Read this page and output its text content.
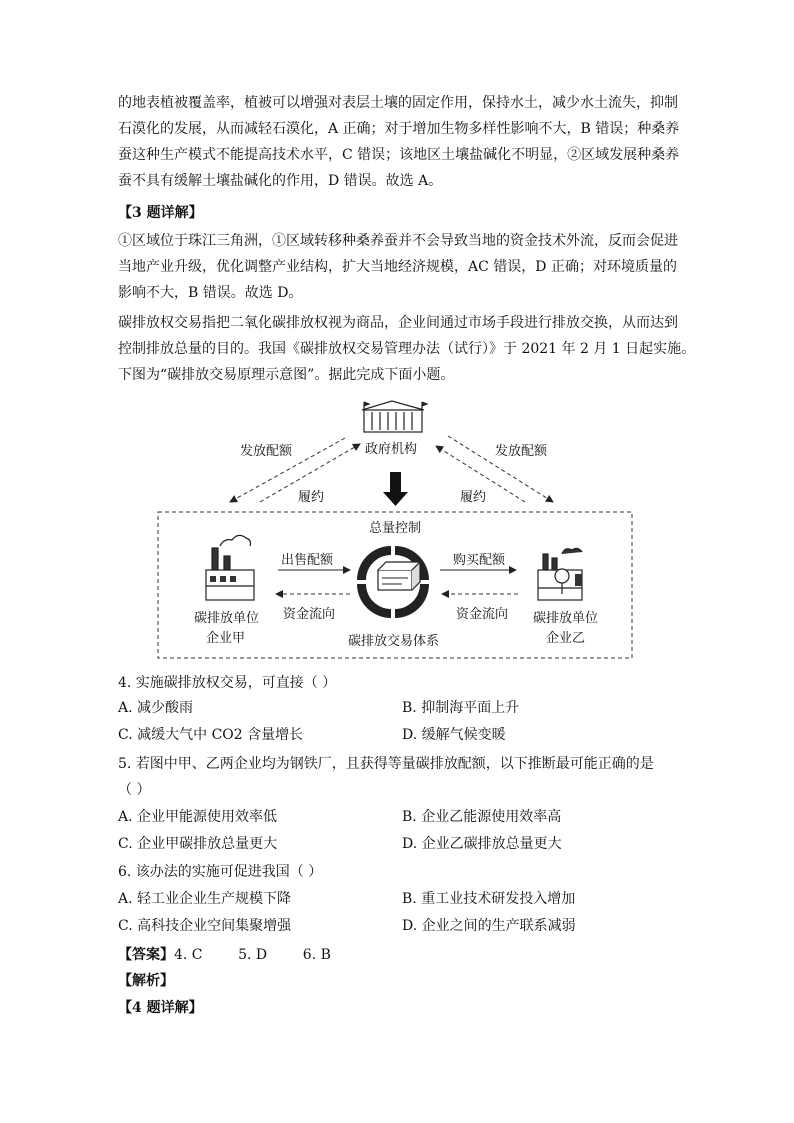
的地表植被覆盖率，植被可以增强对表层土壤的固定作用，保持水土，减少水土流失，抑制
石漠化的发展，从而减轻石漠化，A 正确；对于增加生物多样性影响不大，B 错误；种桑养
蚕这种生产模式不能提高技术水平，C 错误；该地区土壤盐碱化不明显，②区域发展种桑养
蚕不具有缓解土壤盐碱化的作用，D 错误。故选 A。
【3 题详解】
①区域位于珠江三角洲，①区域转移种桑养蚕并不会导致当地的资金技术外流，反而会促进
当地产业升级，优化调整产业结构，扩大当地经济规模，AC 错误，D 正确；对环境质量的
影响不大，B 错误。故选 D。
碳排放权交易指把二氧化碳排放权视为商品，企业间通过市场手段进行排放交换，从而达到
控制排放总量的目的。我国《碳排放权交易管理办法（试行）》于 2021 年 2 月 1 日起实施。
下图为“碳排放交易原理示意图”。据此完成下面小题。
政府机构
发放配额	发放配额
履约	履约
总量控制
出售配额	购买配额
资金流向	资金流向
碳排放交易体系
碳排放单位
企业甲
碳排放单位
企业乙
4. 实施碳排放权交易，可直接（ ）
A. 减少酸雨	B. 抑制海平面上升
C. 减缓大气中 CO2 含量增长	D. 缓解气候变暖
5. 若图中甲、乙两企业均为钢铁厂，且获得等量碳排放配额，以下推断最可能正确的是
（ ）
A. 企业甲能源使用效率低	B. 企业乙能源使用效率高
C. 企业甲碳排放总量更大	D. 企业乙碳排放总量更大
6. 该办法的实施可促进我国（ ）
A. 轻工业企业生产规模下降	B. 重工业技术研发投入增加
C. 高科技企业空间集聚增强	D. 企业之间的生产联系减弱
【答案】4. C        5. D        6. B
【解析】
【4 题详解】
